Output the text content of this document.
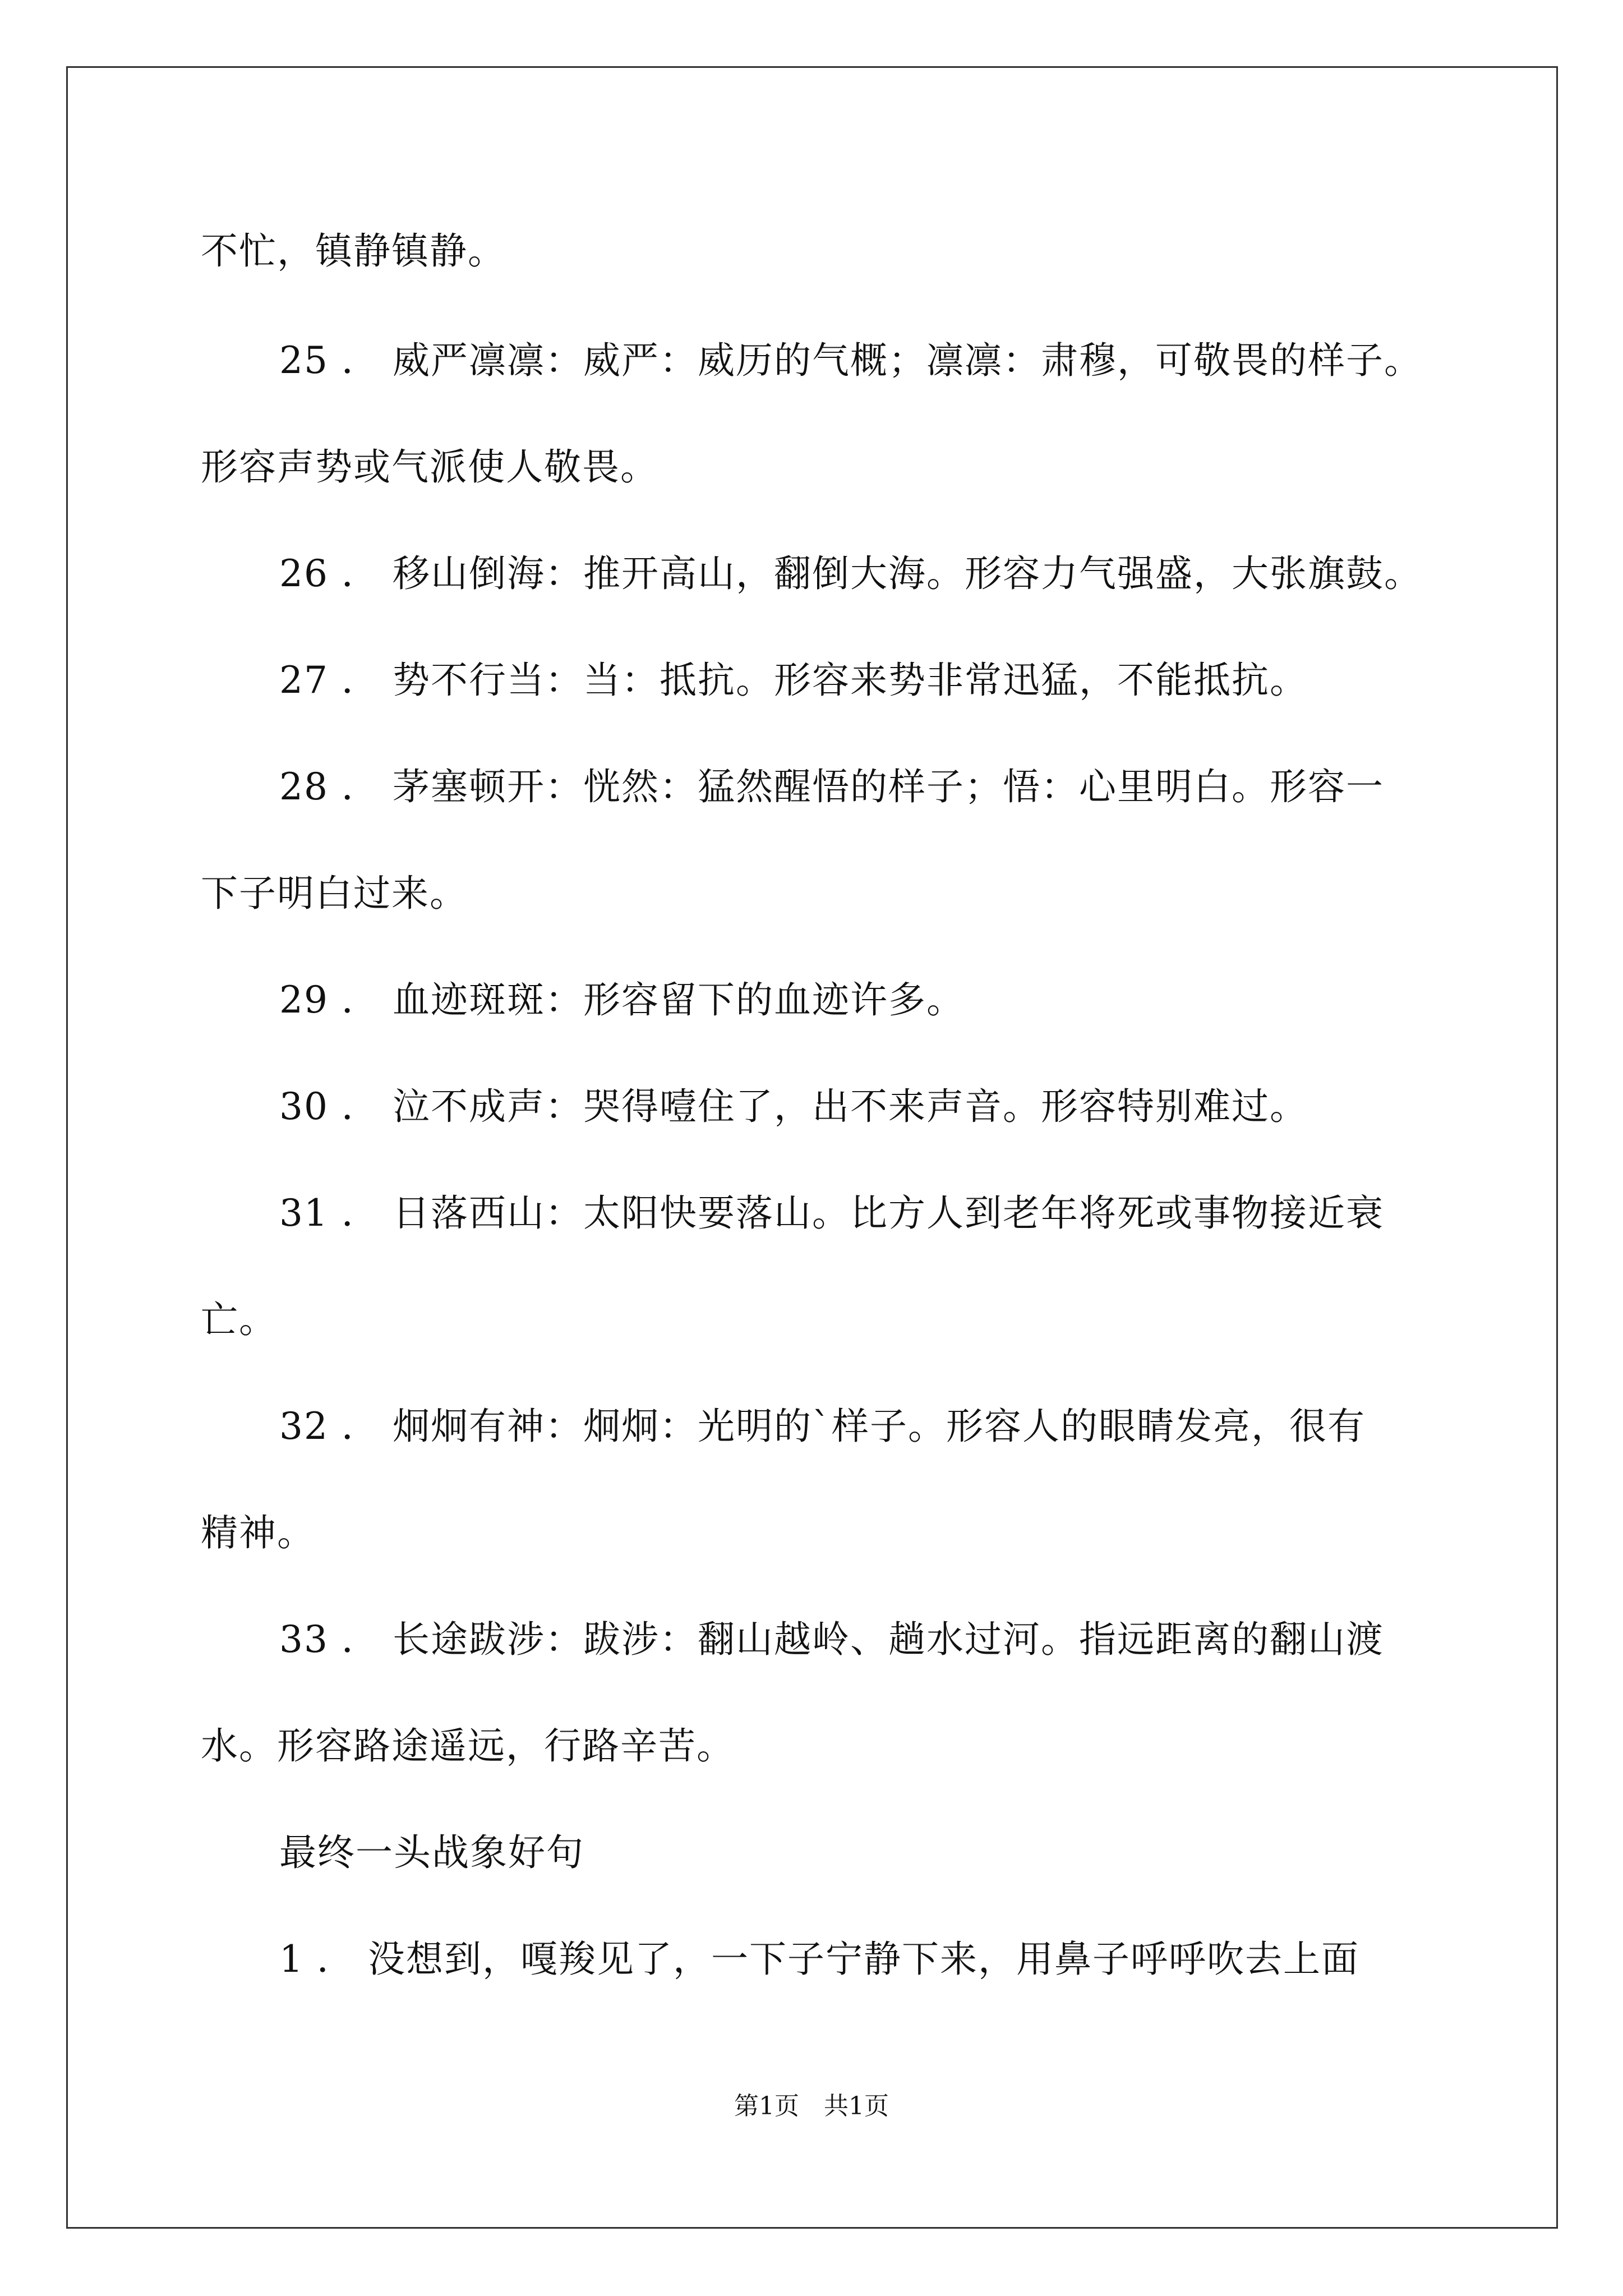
不忙，镇静镇静。
25 ． 威严凛凛：威严：威历的气概；凛凛：肃穆，可敬畏的样子。
形容声势或气派使人敬畏。
26 ． 移山倒海：推开高山，翻倒大海。形容力气强盛，大张旗鼓。
27 ． 势不行当：当：抵抗。形容来势非常迅猛，不能抵抗。
28 ． 茅塞顿开：恍然：猛然醒悟的样子；悟：心里明白。形容一
下子明白过来。
29 ． 血迹斑斑：形容留下的血迹许多。
30 ． 泣不成声：哭得噎住了，出不来声音。形容特别难过。
31 ． 日落西山：太阳快要落山。比方人到老年将死或事物接近衰
亡。
32 ． 炯炯有神：炯炯：光明的`样子。形容人的眼睛发亮，很有
精神。
33 ． 长途跋涉：跋涉：翻山越岭、趟水过河。指远距离的翻山渡
水。形容路途遥远，行路辛苦。
最终一头战象好句
1 ． 没想到，嘎羧见了，一下子宁静下来，用鼻子呼呼吹去上面
第1页　共1页
